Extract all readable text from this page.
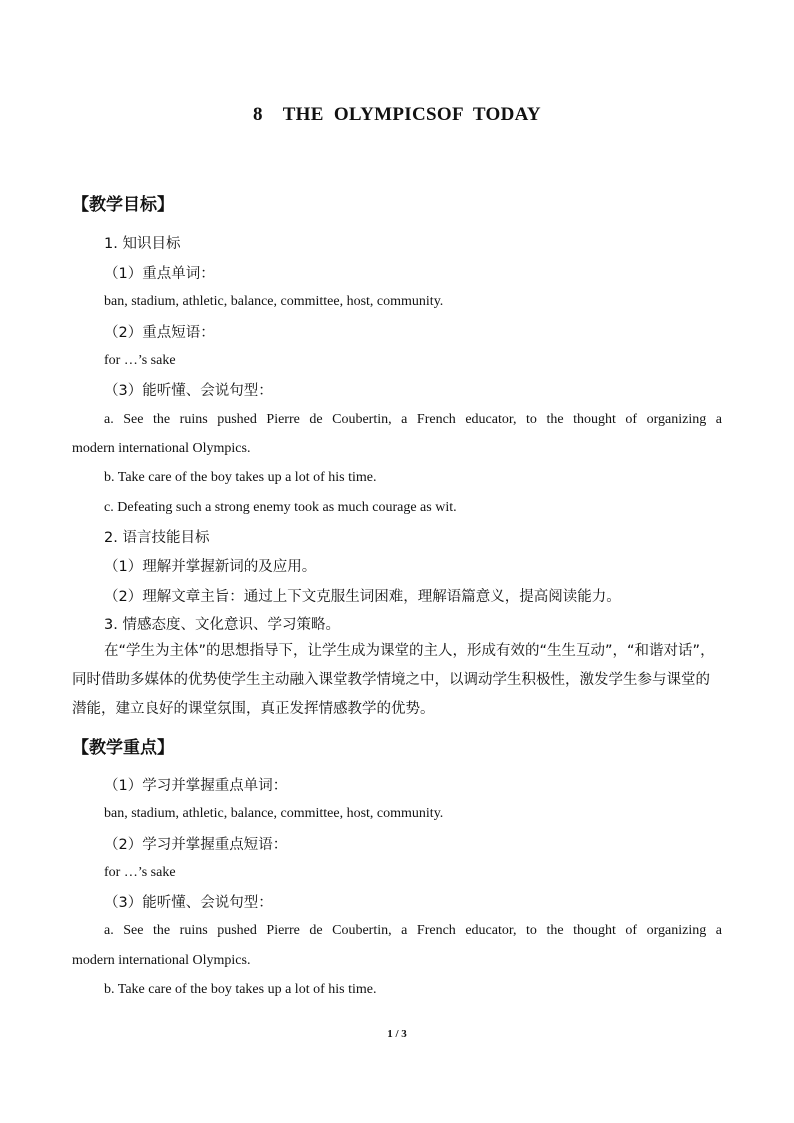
8    THE  OLYMPICSOF  TODAY
【教学目标】
1. 知识目标
（1）重点单词：
ban, stadium, athletic, balance, committee, host, community.
（2）重点短语：
for …’s sake
（3）能听懂、会说句型：
a. See the ruins pushed Pierre de Coubertin, a French educator, to the thought of organizing a
modern international Olympics.
b. Take care of the boy takes up a lot of his time.
c. Defeating such a strong enemy took as much courage as wit.
2. 语言技能目标
（1）理解并掌握新词的及应用。
（2）理解文章主旨：通过上下文克服生词困难，理解语篇意义，提高阅读能力。
3. 情感态度、文化意识、学习策略。
在“学生为主体”的思想指导下，让学生成为课堂的主人，形成有效的“生生互动”，“和谐对话”，同时借助多媒体的优势使学生主动融入课堂教学情境之中，以调动学生积极性，激发学生参与课堂的潜能，建立良好的课堂氛围，真正发挥情感教学的优势。
【教学重点】
（1）学习并掌握重点单词：
ban, stadium, athletic, balance, committee, host, community.
（2）学习并掌握重点短语：
for …’s sake
（3）能听懂、会说句型：
a. See the ruins pushed Pierre de Coubertin, a French educator, to the thought of organizing a
modern international Olympics.
b. Take care of the boy takes up a lot of his time.
1 / 3
